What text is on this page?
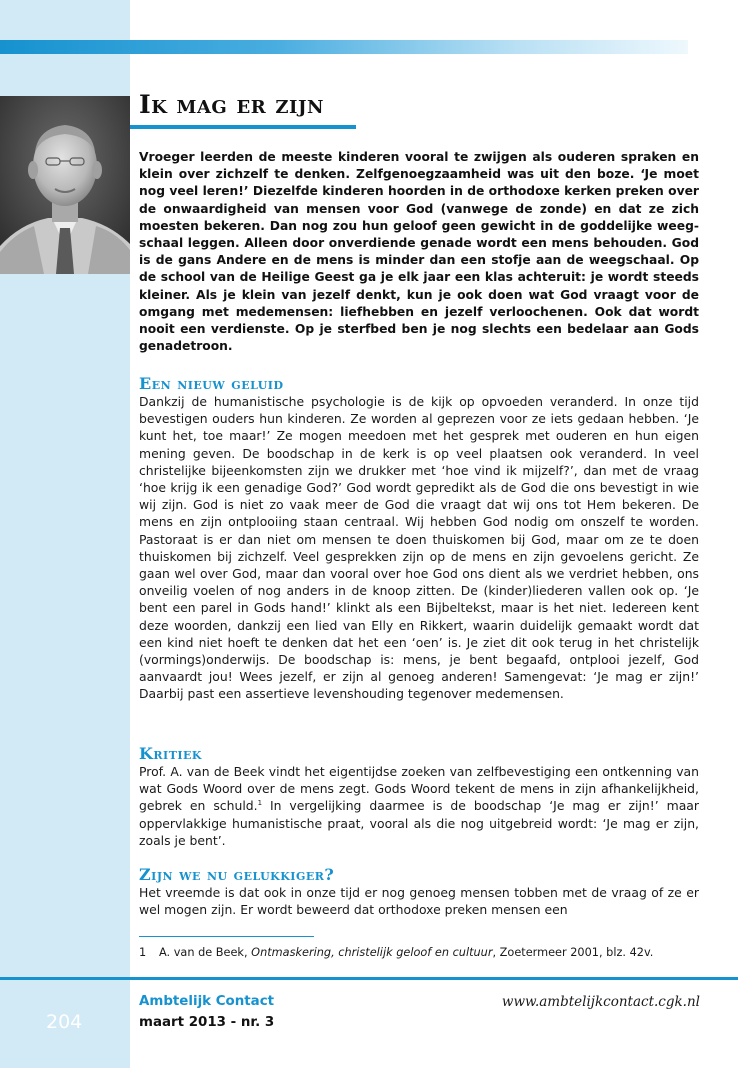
Ik mag er zijn

Vroeger leerden de meeste kinderen vooral te zwijgen als ouderen spraken en klein over zichzelf te denken. Zelfgenoegzaamheid was uit den boze. ‘Je moet nog veel leren!’ Diezelfde kinderen hoorden in de orthodoxe kerken preken over de onwaardigheid van mensen voor God (vanwege de zonde) en dat ze zich moesten bekeren. Dan nog zou hun geloof geen gewicht in de goddelijke weegschaal leggen. Alleen door onverdiende genade wordt een mens behouden. God is de gans Andere en de mens is minder dan een stofje aan de weegschaal. Op de school van de Heilige Geest ga je elk jaar een klas achteruit: je wordt steeds kleiner. Als je klein van jezelf denkt, kun je ook doen wat God vraagt voor de omgang met medemensen: liefhebben en jezelf verloochenen. Ook dat wordt nooit een verdienste. Op je sterfbed ben je nog slechts een bedelaar aan Gods genadetroon.

Een nieuw geluid

Dankzij de humanistische psychologie is de kijk op opvoeden veranderd. In onze tijd bevestigen ouders hun kinderen. Ze worden al geprezen voor ze iets gedaan hebben. ‘Je kunt het, toe maar!’ Ze mogen meedoen met het gesprek met ouderen en hun eigen mening geven. De boodschap in de kerk is op veel plaatsen ook veranderd. In veel christelijke bijeenkomsten zijn we drukker met ‘hoe vind ik mijzelf?’, dan met de vraag ‘hoe krijg ik een genadige God?’ God wordt gepredikt als de God die ons bevestigt in wie wij zijn. God is niet zo vaak meer de God die vraagt dat wij ons tot Hem bekeren. De mens en zijn ontplooiing staan centraal. Wij hebben God nodig om onszelf te worden. Pastoraat is er dan niet om mensen te doen thuiskomen bij God, maar om ze te doen thuiskomen bij zichzelf. Veel gesprekken zijn op de mens en zijn gevoelens gericht. Ze gaan wel over God, maar dan vooral over hoe God ons dient als we verdriet hebben, ons onveilig voelen of nog anders in de knoop zitten. De (kinder)liederen vallen ook op. ‘Je bent een parel in Gods hand!’ klinkt als een Bijbeltekst, maar is het niet. Iedereen kent deze woorden, dankzij een lied van Elly en Rikkert, waarin duidelijk gemaakt wordt dat een kind niet hoeft te denken dat het een ‘oen’ is. Je ziet dit ook terug in het christelijk (vormings)onderwijs. De boodschap is: mens, je bent begaafd, ontplooi jezelf, God aanvaardt jou! Wees jezelf, er zijn al genoeg anderen! Samengevat: ‘Je mag er zijn!’ Daarbij past een assertieve levenshouding tegenover medemensen.

Kritiek

Prof. A. van de Beek vindt het eigentijdse zoeken van zelfbevestiging een ontkenning van wat Gods Woord over de mens zegt. Gods Woord tekent de mens in zijn afhankelijkheid, gebrek en schuld.$^1$ In vergelijking daarmee is de boodschap ‘Je mag er zijn!’ maar oppervlakkige humanistische praat, vooral als die nog uitgebreid wordt: ‘Je mag er zijn, zoals je bent’.

Zijn we nu gelukkiger?

Het vreemde is dat ook in onze tijd er nog genoeg mensen tobben met de vraag of ze er wel mogen zijn. Er wordt beweerd dat orthodoxe preken mensen een

1 A. van de Beek, Ontmaskering, christelijk geloof en cultuur, Zoetermeer 2001, blz. 42v.

Ambtelijk Contact
maart 2013 - nr. 3
www.ambtelijkcontact.cgk.nl
204
